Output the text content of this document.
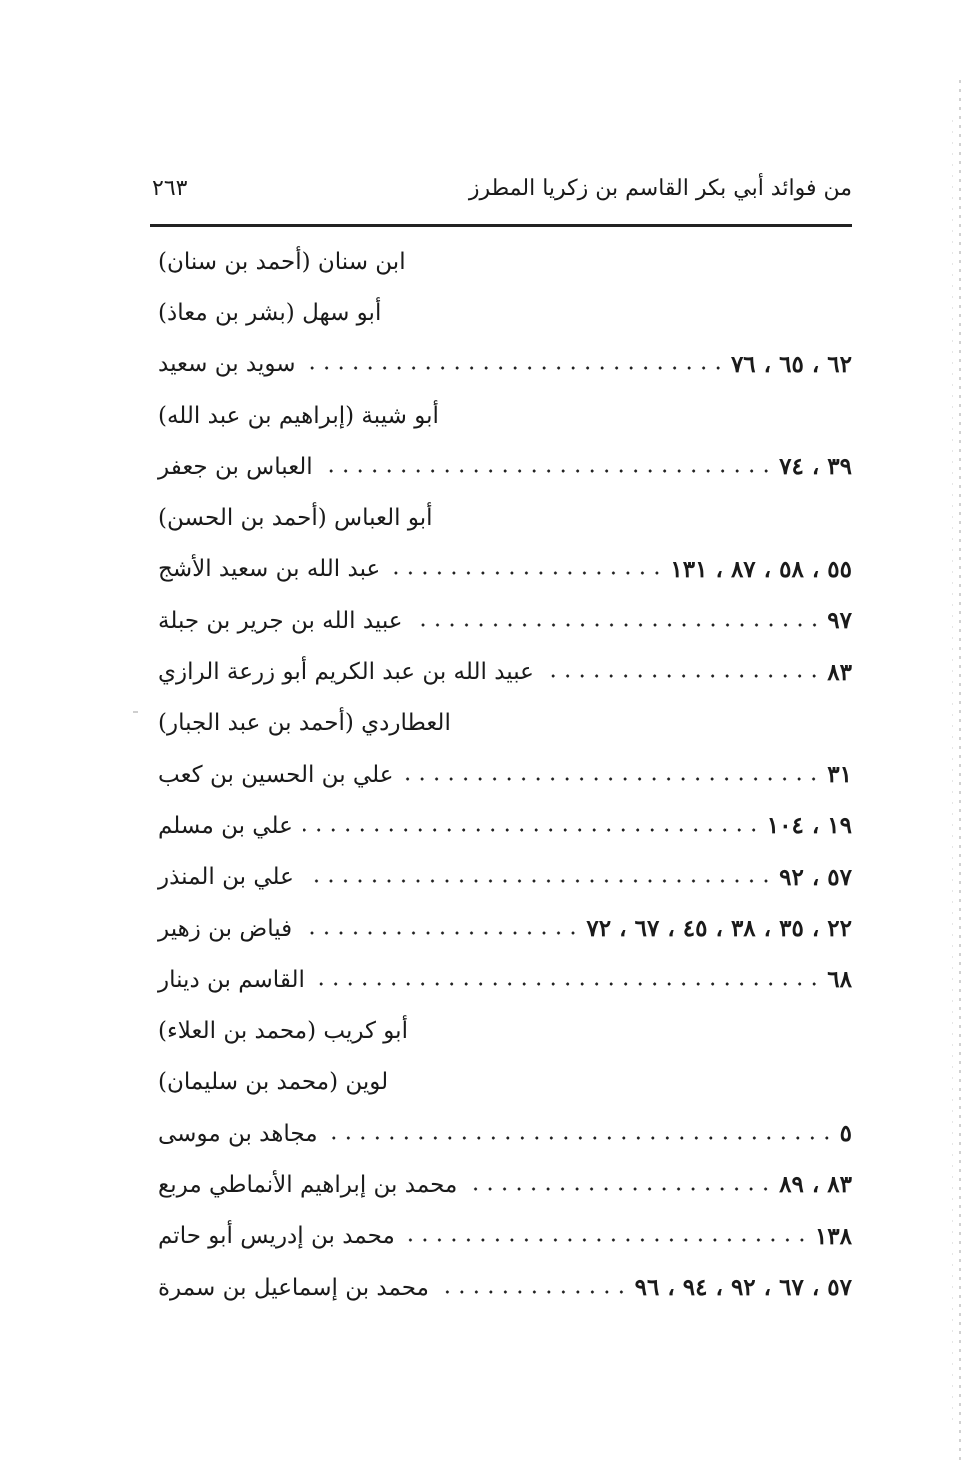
من فوائد أبي بكر القاسم بن زكريا المطرز
٢٦٣
ابن سنان (أحمد بن سنان)
أبو سهل (بشر بن معاذ)
سويد بن سعيد	٦٢ ، ٦٥ ، ٧٦
أبو شيبة (إبراهيم بن عبد الله)
العباس بن جعفر	٣٩ ، ٧٤
أبو العباس (أحمد بن الحسن)
عبد الله بن سعيد الأشج	٥٥ ، ٥٨ ، ٨٧ ، ١٣١
عبيد الله بن جرير بن جبلة	٩٧
عبيد الله بن عبد الكريم أبو زرعة الرازي	٨٣
العطاردي (أحمد بن عبد الجبار)
علي بن الحسين بن كعب	٣١
علي بن مسلم	١٩ ، ١٠٤
علي بن المنذر	٥٧ ، ٩٢
فياض بن زهير	٢٢ ، ٣٥ ، ٣٨ ، ٤٥ ، ٦٧ ، ٧٢
القاسم بن دينار	٦٨
أبو كريب (محمد بن العلاء)
لوين (محمد بن سليمان)
مجاهد بن موسى	٥
محمد بن إبراهيم الأنماطي مربع	٨٣ ، ٨٩
محمد بن إدريس أبو حاتم	١٣٨
محمد بن إسماعيل بن سمرة	٥٧ ، ٦٧ ، ٩٢ ، ٩٤ ، ٩٦
